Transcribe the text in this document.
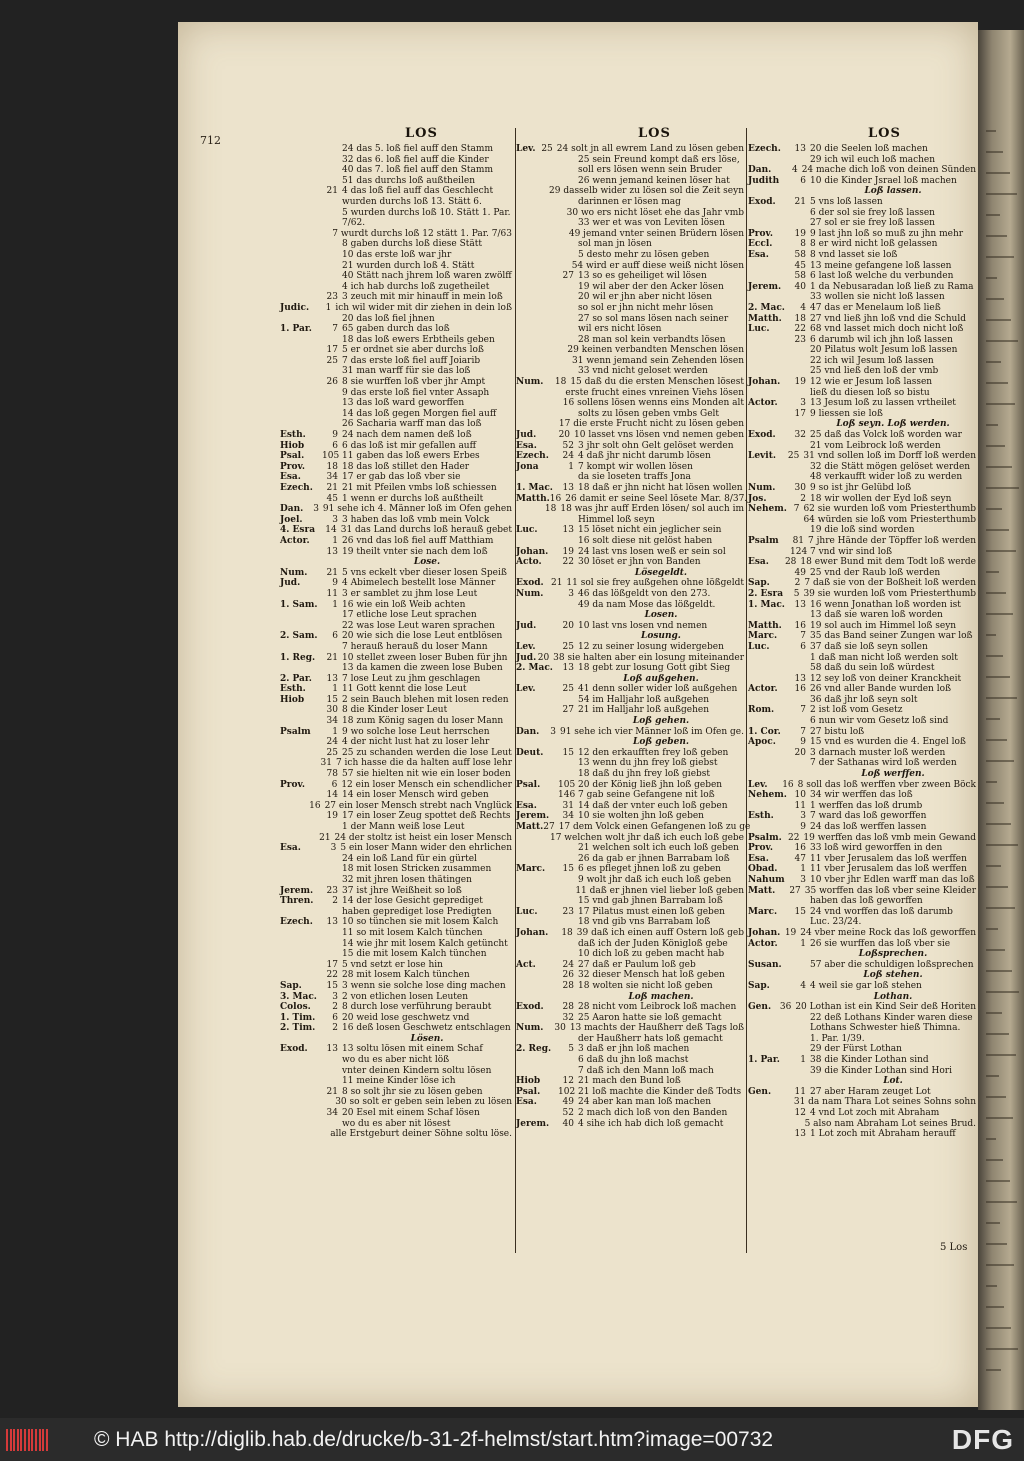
712	LOS	LOS	LOS
24 das 5. loß fiel auff den Stamm
32 das 6. loß fiel auff die Kinder
40 das 7. loß fiel auff den Stamm
51 das durchs loß außtheilen
21 4 das loß fiel auff das Geschlecht
wurden durchs loß 13. Stätt 6.
5 wurden durchs loß 10. Stätt 1. Par.
7/62.
7 wurdt durchs loß 12 stätt 1. Par. 7/63
8 gaben durchs loß diese Stätt
10 das erste loß war jhr
21 wurden durch loß 4. Stätt
40 Stätt nach jhrem loß waren zwölff
4 ich hab durchs loß zugetheilet
23 3 zeuch mit mir hinauff in mein loß
Judic.	1 ich wil wider mit dir ziehen in dein loß
20 das loß fiel jhnen
1. Par.	7 65 gaben durch das loß
18 das loß ewers Erbtheils geben
17 5 er ordnet sie aber durchs loß
25 7 das erste loß fiel auff Joiarib
31 man warff für sie das loß
26 8 sie wurffen loß vber jhr Ampt
9 das erste loß fiel vnter Assaph
13 das loß ward geworffen
14 das loß gegen Morgen fiel auff
26 Sacharia warff man das loß
Esth.	9 24 nach dem namen deß loß
Hiob	6 6 das loß ist mir gefallen auff
Psal.	105 11 gaben das loß ewers Erbes
Prov.	18 18 das loß stillet den Hader
Esa.	34 17 er gab das loß vber sie
Ezech.	21 21 mit Pfeilen vmbs loß schiessen
45 1 wenn er durchs loß außtheilt
Dan.	3 91 sehe ich 4. Männer loß im Ofen gehen
Joel.	3 3 haben das loß vmb mein Volck
4. Esra	14 31 das Land durchs loß herauß gebet
Actor.	1 26 vnd das loß fiel auff Matthiam
13 19 theilt vnter sie nach dem loß
Lose.
Num.	21 5 vns eckelt vber dieser losen Speiß
Jud.	9 4 Abimelech bestellt lose Männer
11 3 er samblet zu jhm lose Leut
1. Sam.	1 16 wie ein loß Weib achten
17 etliche lose Leut sprachen
22 was lose Leut waren sprachen
2. Sam.	6 20 wie sich die lose Leut entblösen
7 herauß herauß du loser Mann
1. Reg.	21 10 stellet zween loser Buben für jhn
13 da kamen die zween lose Buben
2. Par.	13 7 lose Leut zu jhm geschlagen
Esth.	1 11 Gott kennt die lose Leut
Hiob	15 2 sein Bauch blehen mit losen reden
30 8 die Kinder loser Leut
34 18 zum König sagen du loser Mann
Psalm	1 9 wo solche lose Leut herrschen
24 4 der nicht lust hat zu loser lehr
25 25 zu schanden werden die lose Leut
31 7 ich hasse die da halten auff lose lehr
78 57 sie hielten nit wie ein loser boden
Prov.	6 12 ein loser Mensch ein schendlicher
14 14 ein loser Mensch wird geben
16 27 ein loser Mensch strebt nach Vnglück
19 17 ein loser Zeug spottet deß Rechts
1 der Mann weiß lose Leut
21 24 der stoltz ist heist ein loser Mensch
Esa.	3 5 ein loser Mann wider den ehrlichen
24 ein loß Land für ein gürtel
18 mit losen Stricken zusammen
32 mit jhren losen thätingen
Jerem.	23 37 ist jhre Weißheit so loß
Thren.	2 14 der lose Gesicht geprediget
haben geprediget lose Predigten
Ezech.	13 10 so tünchen sie mit losem Kalch
11 so mit losem Kalch tünchen
14 wie jhr mit losem Kalch getüncht
15 die mit losem Kalch tünchen
17 5 vnd setzt er lose hin
22 28 mit losem Kalch tünchen
Sap.	15 3 wenn sie solche lose ding machen
3. Mac.	3 2 von etlichen losen Leuten
Colos.	2 8 durch lose verführung beraubt
1. Tim.	6 20 weid lose geschwetz vnd
2. Tim.	2 16 deß losen Geschwetz entschlagen
Lösen.
Exod.	13 13 soltu lösen mit einem Schaf
wo du es aber nicht löß
vnter deinen Kindern soltu lösen
11 meine Kinder löse ich
21 8 so solt jhr sie zu lösen geben
30 so solt er geben sein leben zu lösen
34 20 Esel mit einem Schaf lösen
wo du es aber nit lösest
alle Erstgeburt deiner Söhne soltu löse.
Lev. 25 24 solt jn all ewrem Land zu lösen geben
25 sein Freund kompt daß ers löse,
soll ers lösen wenn sein Bruder
26 wenn jemand keinen löser hat
29 dasselb wider zu lösen sol die Zeit seyn
darinnen er lösen mag
30 wo ers nicht löset ehe das Jahr vmb
33 wer et was von Leviten lösen
49 jemand vnter seinen Brüdern lösen
sol man jn lösen
5 desto mehr zu lösen geben
54 wird er auff diese weiß nicht lösen
27 13 so es geheiliget wil lösen
19 wil aber der den Acker lösen
20 wil er jhn aber nicht lösen
so sol er jhn nicht mehr lösen
27 so sol mans lösen nach seiner
wil ers nicht lösen
28 man sol kein verbandts lösen
29 keinen verbandten Menschen lösen
31 wenn jemand sein Zehenden lösen
33 vnd nicht geloset werden
Num.	18 15 daß du die ersten Menschen lösest
erste frucht eines vnreinen Viehs lösen
16 sollens lösen wenns eins Monden alt
solts zu lösen geben vmbs Gelt
17 die erste Frucht nicht zu lösen geben
Jud.	20 10 lasset vns lösen vnd nemen geben
Esa.	52 3 jhr solt ohn Gelt gelöset werden
Ezech.	24 4 daß jhr nicht darumb lösen
Jona	1 7 kompt wir wollen lösen
da sie loseten traffs Jona
1. Mac.	13 18 daß er jhn nicht hat lösen wollen
Matth. 16 26 damit er seine Seel lösete Mar. 8/37.
18 18 was jhr auff Erden lösen/ sol auch im
Himmel loß seyn
Luc.	13 15 löset nicht ein jeglicher sein
16 solt diese nit gelöst haben
Johan.	19 24 last vns losen weß er sein sol
Acto.	22 30 löset er jhn von Banden
Lösegeldt.
Exod. 21 11 sol sie frey außgehen ohne lößgeldt
Num.	3 46 das lößgeldt von den 273.
49 da nam Mose das lößgeldt.
Losen.
Jud.	20 10 last vns losen vnd nemen
Losung.
Lev.	25 12 zu seiner losung widergeben
Jud. 20 38 sie halten aber ein losung miteinander
2. Mac.	13 18 gebt zur losung Gott gibt Sieg
Loß außgehen.
Lev.	25 41 denn soller wider loß außgehen
54 im Halljahr loß außgehen
27 21 im Halljahr loß außgehen
Loß gehen.
Dan.	3 91 sehe ich vier Männer loß im Ofen ge.
Loß geben.
Deut.	15 12 den erkaufften frey loß geben
13 wenn du jhn frey loß giebst
18 daß du jhn frey loß giebst
Psal.	105 20 der König ließ jhn loß geben
146 7 gab seine Gefangene nit loß
Esa.	31 14 daß der vnter euch loß geben
Jerem.	34 10 sie wolten jhn loß geben
Matt. 27 17 dem Volck einen Gefangenen loß zu ge
17 welchen wolt jhr daß ich euch loß gebe
21 welchen solt ich euch loß geben
26 da gab er jhnen Barrabam loß
Marc.	15 6 es pfleget jhnen loß zu geben
9 wolt jhr daß ich euch loß geben
11 daß er jhnen viel lieber loß geben
15 vnd gab jhnen Barrabam loß
Luc.	23 17 Pilatus must einen loß geben
18 vnd gib vns Barrabam loß
Johan.	18 39 daß ich einen auff Ostern loß geb
daß ich der Juden Königloß gebe
10 dich loß zu geben macht hab
Act.	24 27 daß er Paulum loß geb
26 32 dieser Mensch hat loß geben
28 18 wolten sie nicht loß geben
Loß machen.
Exod.	28 28 nicht vom Leibrock loß machen
32 25 Aaron hatte sie loß gemacht
Num.	30 13 machts der Haußherr deß Tags loß
der Haußherr hats loß gemacht
2. Reg.	5 3 daß er jhn loß machen
6 daß du jhn loß machst
7 daß ich den Mann loß mach
Hiob	12 21 mach den Bund loß
Psal.	102 21 loß machte die Kinder deß Todts
Esa.	49 24 aber kan man loß machen
52 2 mach dich loß von den Banden
Jerem.	40 4 sihe ich hab dich loß gemacht
Ezech.	13 20 die Seelen loß machen
29 ich wil euch loß machen
Dan.	4 24 mache dich loß von deinen Sünden
Judith	6 10 die Kinder Jsrael loß machen
Loß lassen.
Exod.	21 5 vns loß lassen
6 der sol sie frey loß lassen
27 sol er sie frey loß lassen
Prov.	19 9 last jhn loß so muß zu jhn mehr
Eccl.	8 8 er wird nicht loß gelassen
Esa.	58 8 vnd lasset sie loß
45 13 meine gefangene loß lassen
58 6 last loß welche du verbunden
Jerem.	40 1 da Nebusaradan loß ließ zu Rama
33 wollen sie nicht loß lassen
2. Mac.	4 47 das er Menelaum loß ließ
Matth.	18 27 vnd ließ jhn loß vnd die Schuld
Luc.	22 68 vnd lasset mich doch nicht loß
23 6 darumb wil ich jhn loß lassen
20 Pilatus wolt Jesum loß lassen
22 ich wil Jesum loß lassen
25 vnd ließ den loß der vmb
Johan.	19 12 wie er Jesum loß lassen
ließ du diesen loß so bistu
Actor.	3 13 Jesum loß zu lassen vrtheilet
17 9 liessen sie loß
Loß seyn. Loß werden.
Exod.	32 25 daß das Volck loß worden war
21 vom Leibrock loß werden
Levit.	25 31 vnd sollen loß im Dorff loß werden
32 die Stätt mögen gelöset werden
48 verkaufft wider loß zu werden
Num.	30 9 so ist jhr Gelübd loß
Jos.	2 18 wir wollen der Eyd loß seyn
Nehem. 7 62 sie wurden loß vom Priesterthumb
64 würden sie loß vom Priesterthumb
19 die loß sind worden
Psalm	81 7 jhre Hände der Töpffer loß werden
124 7 vnd wir sind loß
Esa.	28 18 ewer Bund mit dem Todt loß werde
49 25 vnd der Raub loß werden
Sap.	2 7 daß sie von der Boßheit loß werden
2. Esra	5 39 sie wurden loß vom Priesterthumb
1. Mac.	13 16 wenn Jonathan loß worden ist
13 daß sie waren loß worden
Matth.	16 19 sol auch im Himmel loß seyn
Marc.	7 35 das Band seiner Zungen war loß
Luc.	6 37 daß sie loß seyn sollen
1 daß man nicht loß werden solt
58 daß du sein loß würdest
13 12 sey loß von deiner Kranckheit
Actor.	16 26 vnd aller Bande wurden loß
36 daß jhr loß seyn solt
Rom.	7 2 ist loß vom Gesetz
6 nun wir vom Gesetz loß sind
1. Cor.	7 27 bistu loß
Apoc.	9 15 vnd es wurden die 4. Engel loß
20 3 darnach muster loß werden
7 der Sathanas wird loß werden
Loß werffen.
Lev.	16 8 soll das loß werffen vber zween Böck
Nehem. 10 34 wir werffen das loß
11 1 werffen das loß drumb
Esth.	3 7 ward das loß geworffen
9 24 das loß werffen lassen
Psalm. 22 19 werffen das loß vmb mein Gewand
Prov.	16 33 loß wird geworffen in den
Esa.	47 11 vber Jerusalem das loß werffen
Obad.	1 11 vber Jerusalem das loß werffen
Nahum	3 10 vber jhr Edlen warff man das loß
Matt.	27 35 worffen das loß vber seine Kleider
haben das loß geworffen
Marc.	15 24 vnd worffen das loß darumb
Luc. 23/24.
Johan. 19 24 vber meine Rock das loß geworffen
Actor.	1 26 sie wurffen das loß vber sie
Loßsprechen.
Susan.	57 aber die schuldigen loßsprechen
Loß stehen.
Sap.	4 4 weil sie gar loß stehen
Lothan.
Gen. 36 20 Lothan ist ein Kind Seir deß Horiten
22 deß Lothans Kinder waren diese
Lothans Schwester hieß Thimna.
1. Par. 1/39.
29 der Fürst Lothan
1. Par.	1 38 die Kinder Lothan sind
39 die Kinder Lothan sind Hori
Lot.
Gen.	11 27 aber Haram zeuget Lot
31 da nam Thara Lot seines Sohns sohn
12 4 vnd Lot zoch mit Abraham
5 also nam Abraham Lot seines Brud.
13 1 Lot zoch mit Abraham herauff
5 Los
© HAB http://diglib.hab.de/drucke/b-31-2f-helmst/start.htm?image=00732	DFG
